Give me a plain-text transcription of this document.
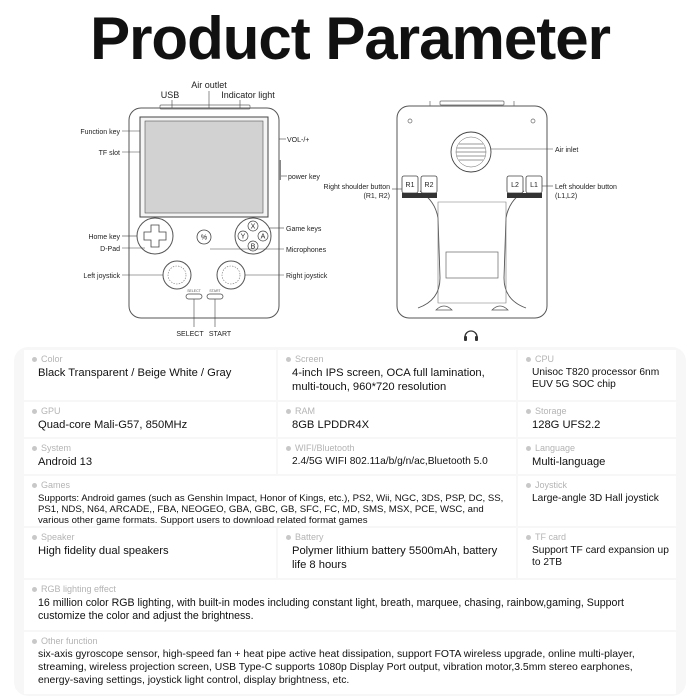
Product Parameter
%
X
Y A
B
SELECT START
USB
Air outlet
Indicator light
Function key
TF slot
VOL-/+
power key
Home key
D-Pad
Game keys
Microphones
Left joystick	Right joystick
SELECT START
R1 R2	L2 L1
Air inlet
Right shoulder button
(R1, R2)
Left shoulder button
(L1,L2)
Color
Black Transparent / Beige White / Gray
Screen
4-inch IPS screen, OCA full lamination, multi-touch, 960*720 resolution
CPU
Unisoc T820 processor 6nm EUV 5G SOC chip
GPU
Quad-core Mali-G57, 850MHz
RAM
8GB LPDDR4X
Storage
128G UFS2.2
System
Android 13
WIFI/Bluetooth
2.4/5G WIFI 802.11a/b/g/n/ac,Bluetooth 5.0
Language
Multi-language
Games
Supports: Android games (such as Genshin Impact, Honor of Kings, etc.), PS2, Wii, NGC, 3DS, PSP, DC, SS, PS1, NDS, N64, ARCADE,, FBA, NEOGEO, GBA, GBC, GB, SFC, FC, MD, SMS, MSX, PCE, WSC, and various other game formats. Support users to download related format games
Joystick
Large-angle 3D Hall joystick
Speaker
High fidelity dual speakers
Battery
Polymer lithium battery 5500mAh, battery life 8 hours
TF card
Support TF card expansion up to 2TB
RGB lighting effect
16 million color RGB lighting, with built-in modes including constant light, breath, marquee, chasing, rainbow,gaming, Support customize the color and adjust the brightness.
Other function
six-axis gyroscope sensor, high-speed fan + heat pipe active heat dissipation, support FOTA wireless upgrade, online multi-player, streaming, wireless projection screen, USB Type-C supports 1080p Display Port output, vibration motor,3.5mm stereo earphones, energy-saving settings, joystick light control, display brightness, etc.
